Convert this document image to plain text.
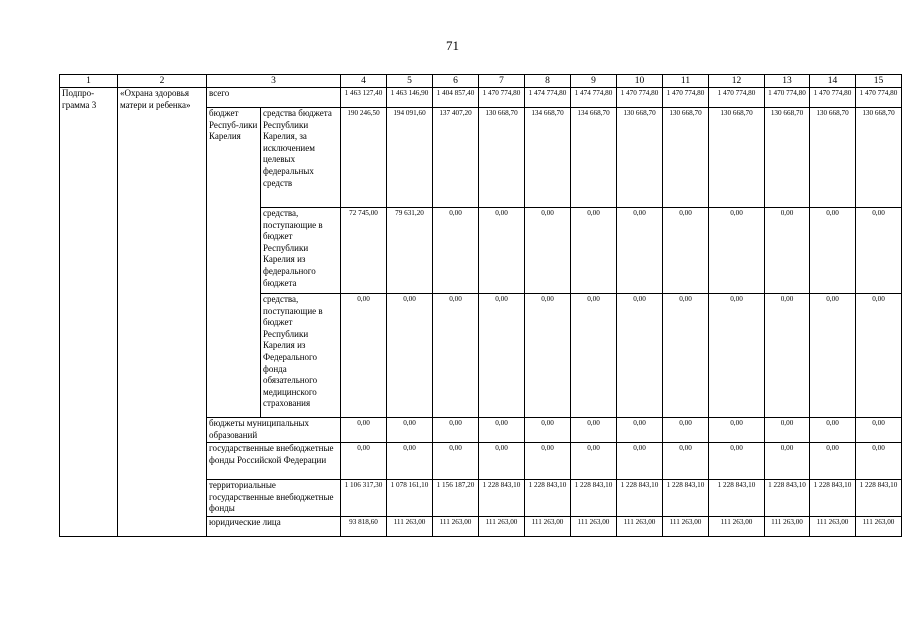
71
1	2	3		4	5	6	7	8	9	10	11	12	13	14	15
Подпро-грамма 3	«Охрана здоровья матери и ребенка»	всего		1 463 127,40	1 463 146,90	1 404 857,40	1 470 774,80	1 474 774,80	1 474 774,80	1 470 774,80	1 470 774,80	1 470 774,80	1 470 774,80	1 470 774,80	1 470 774,80
		бюджет Респуб-лики Карелия	средства бюджета Республики Карелия, за исключением целевых федеральных средств	190 246,50	194 091,60	137 407,20	130 668,70	134 668,70	134 668,70	130 668,70	130 668,70	130 668,70	130 668,70	130 668,70	130 668,70
			средства, поступающие в бюджет Республики Карелия из федерального бюджета	72 745,00	79 631,20	0,00	0,00	0,00	0,00	0,00	0,00	0,00	0,00	0,00	0,00
			средства, поступающие в бюджет Республики Карелия из Федерального фонда обязательного медицинского страхования	0,00	0,00	0,00	0,00	0,00	0,00	0,00	0,00	0,00	0,00	0,00	0,00
		бюджеты муниципальных образований		0,00	0,00	0,00	0,00	0,00	0,00	0,00	0,00	0,00	0,00	0,00	0,00
		государственные внебюджетные фонды Российской Федерации		0,00	0,00	0,00	0,00	0,00	0,00	0,00	0,00	0,00	0,00	0,00	0,00
		территориальные государственные внебюджетные фонды		1 106 317,30	1 078 161,10	1 156 187,20	1 228 843,10	1 228 843,10	1 228 843,10	1 228 843,10	1 228 843,10	1 228 843,10	1 228 843,10	1 228 843,10	1 228 843,10
		юридические лица		93 818,60	111 263,00	111 263,00	111 263,00	111 263,00	111 263,00	111 263,00	111 263,00	111 263,00	111 263,00	111 263,00	111 263,00
